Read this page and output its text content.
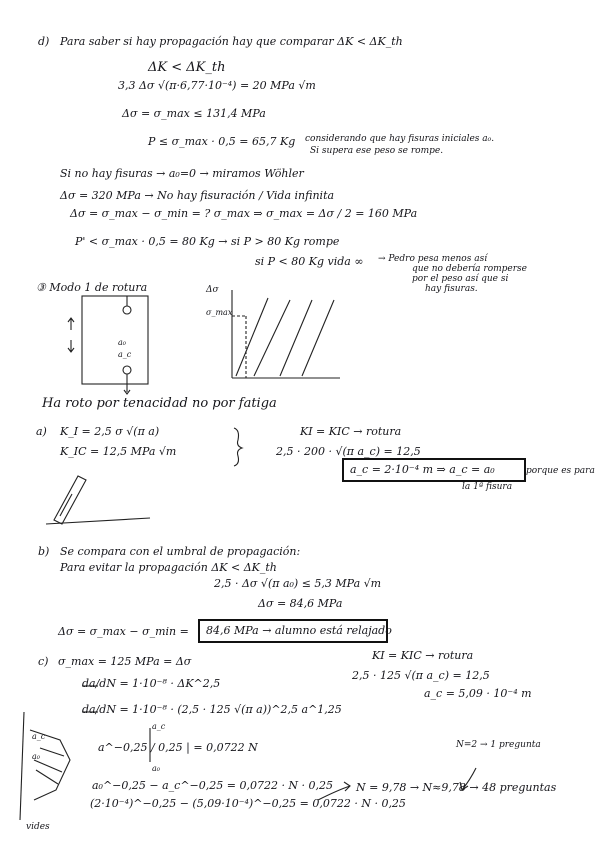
d) Para saber si hay propagación hay que comparar ΔK < ΔK_th
ΔK < ΔK_th
3,3 Δσ √(π·6,77·10⁻⁴) = 20 MPa √m
Δσ = σ_max ≤ 131,4 MPa
P ≤ σ_max · 0,5 = 65,7 Kg considerando que hay fisuras iniciales a₀.
Si supera ese peso se rompe.
Si no hay fisuras → a₀=0 → miramos Wöhler
Δσ = 320 MPa → No hay fisuración / Vida infinita
Δσ = σ_max − σ_min = ? σ_max ⇒ σ_max = Δσ / 2 = 160 MPa
P' < σ_max · 0,5 = 80 Kg → si P > 80 Kg rompe
si P < 80 Kg vida ∞ → Pedro pesa menos así
que no debería romperse
por el peso así que si
hay fisuras.
③ Modo 1 de rotura	Δσ
σ_max
a₀
a_c
Ha roto por tenacidad no por fatiga
a) K_I = 2,5 σ √(π a)
K_IC = 12,5 MPa √m
KI = KIC → rotura
2,5 · 200 · √(π a_c) = 12,5
a_c = 2·10⁻⁴ m ⇒ a_c = a₀	porque es para
la 1ª fisura
b) Se compara con el umbral de propagación:
Para evitar la propagación ΔK < ΔK_th
2,5 · Δσ √(π a₀) ≤ 5,3 MPa √m
Δσ = 84,6 MPa
Δσ = σ_max − σ_min = 84,6 MPa → alumno está relajado
c) σ_max = 125 MPa = Δσ
da/dN = 1·10⁻⁸ · ΔK^2,5
da/dN = 1·10⁻⁸ · (2,5 · 125 √(π a))^2,5 a^1,25
a^−0,25 / 0,25 | = 0,0722 N
a₀^−0,25 − a_c^−0,25 = 0,0722 · N · 0,25
(2·10⁻⁴)^−0,25 − (5,09·10⁻⁴)^−0,25 = 0,0722 · N · 0,25
KI = KIC → rotura
2,5 · 125 √(π a_c) = 12,5
a_c = 5,09 · 10⁻⁴ m
N=2 → 1 pregunta
N = 9,78 → N≈9,78 → 48 preguntas
vides
a_c
a₀
a_c
a₀
